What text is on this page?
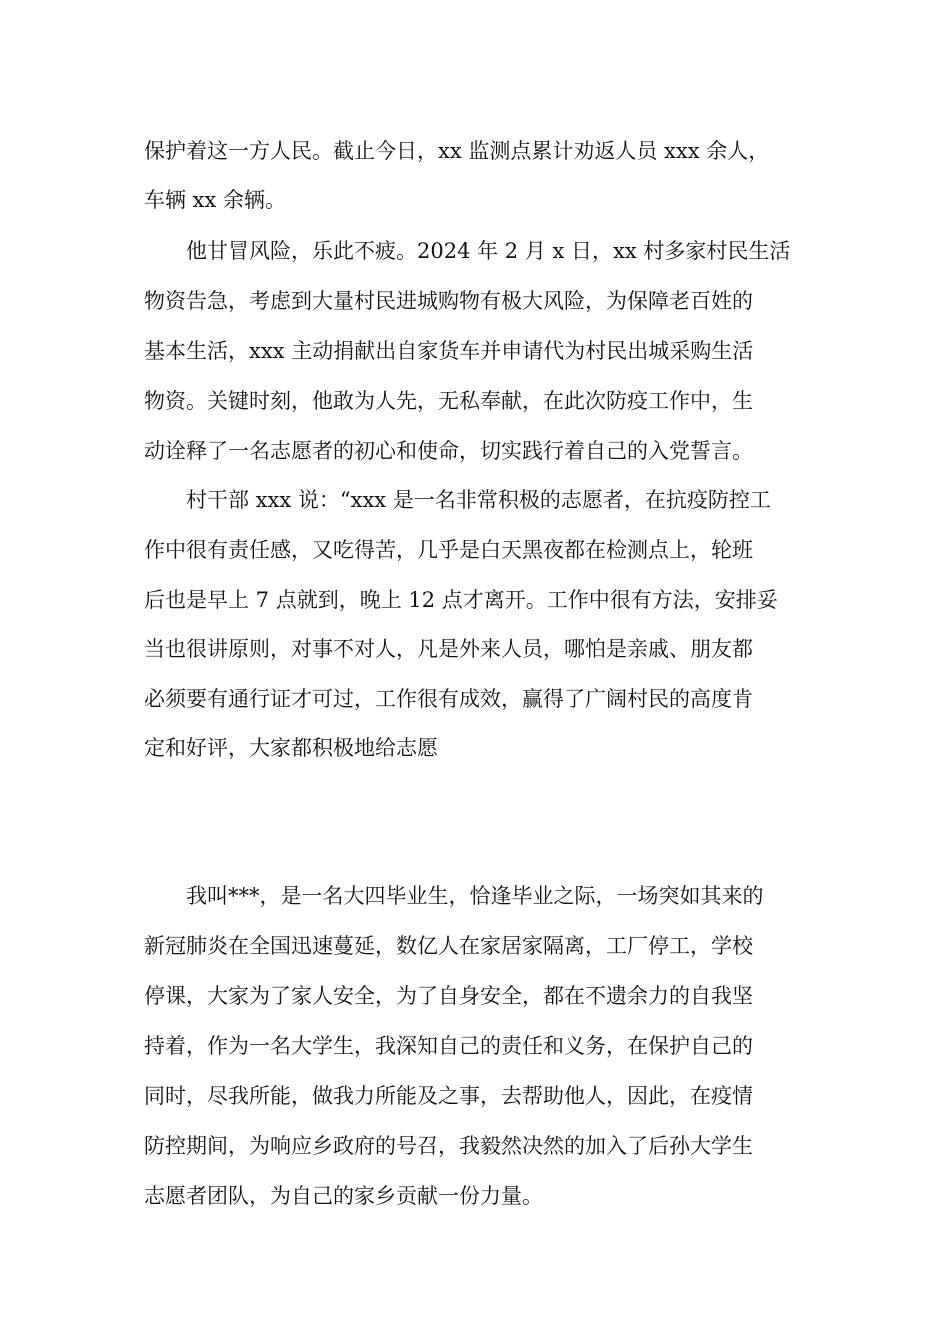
保护着这一方人民。截止今日，xx 监测点累计劝返人员 xxx 余人，
车辆 xx 余辆。
他甘冒风险，乐此不疲。2024 年 2 月 x 日，xx 村多家村民生活
物资告急，考虑到大量村民进城购物有极大风险，为保障老百姓的
基本生活，xxx 主动捐献出自家货车并申请代为村民出城采购生活
物资。关键时刻，他敢为人先，无私奉献，在此次防疫工作中，生
动诠释了一名志愿者的初心和使命，切实践行着自己的入党誓言。
村干部 xxx 说：“xxx 是一名非常积极的志愿者，在抗疫防控工
作中很有责任感，又吃得苦，几乎是白天黑夜都在检测点上，轮班
后也是早上 7 点就到，晚上 12 点才离开。工作中很有方法，安排妥
当也很讲原则，对事不对人，凡是外来人员，哪怕是亲戚、朋友都
必须要有通行证才可过，工作很有成效，赢得了广阔村民的高度肯
定和好评，大家都积极地给志愿
我叫***，是一名大四毕业生，恰逢毕业之际，一场突如其来的
新冠肺炎在全国迅速蔓延，数亿人在家居家隔离，工厂停工，学校
停课，大家为了家人安全，为了自身安全，都在不遗余力的自我坚
持着，作为一名大学生，我深知自己的责任和义务，在保护自己的
同时，尽我所能，做我力所能及之事，去帮助他人，因此，在疫情
防控期间，为响应乡政府的号召，我毅然决然的加入了后孙大学生
志愿者团队，为自己的家乡贡献一份力量。
